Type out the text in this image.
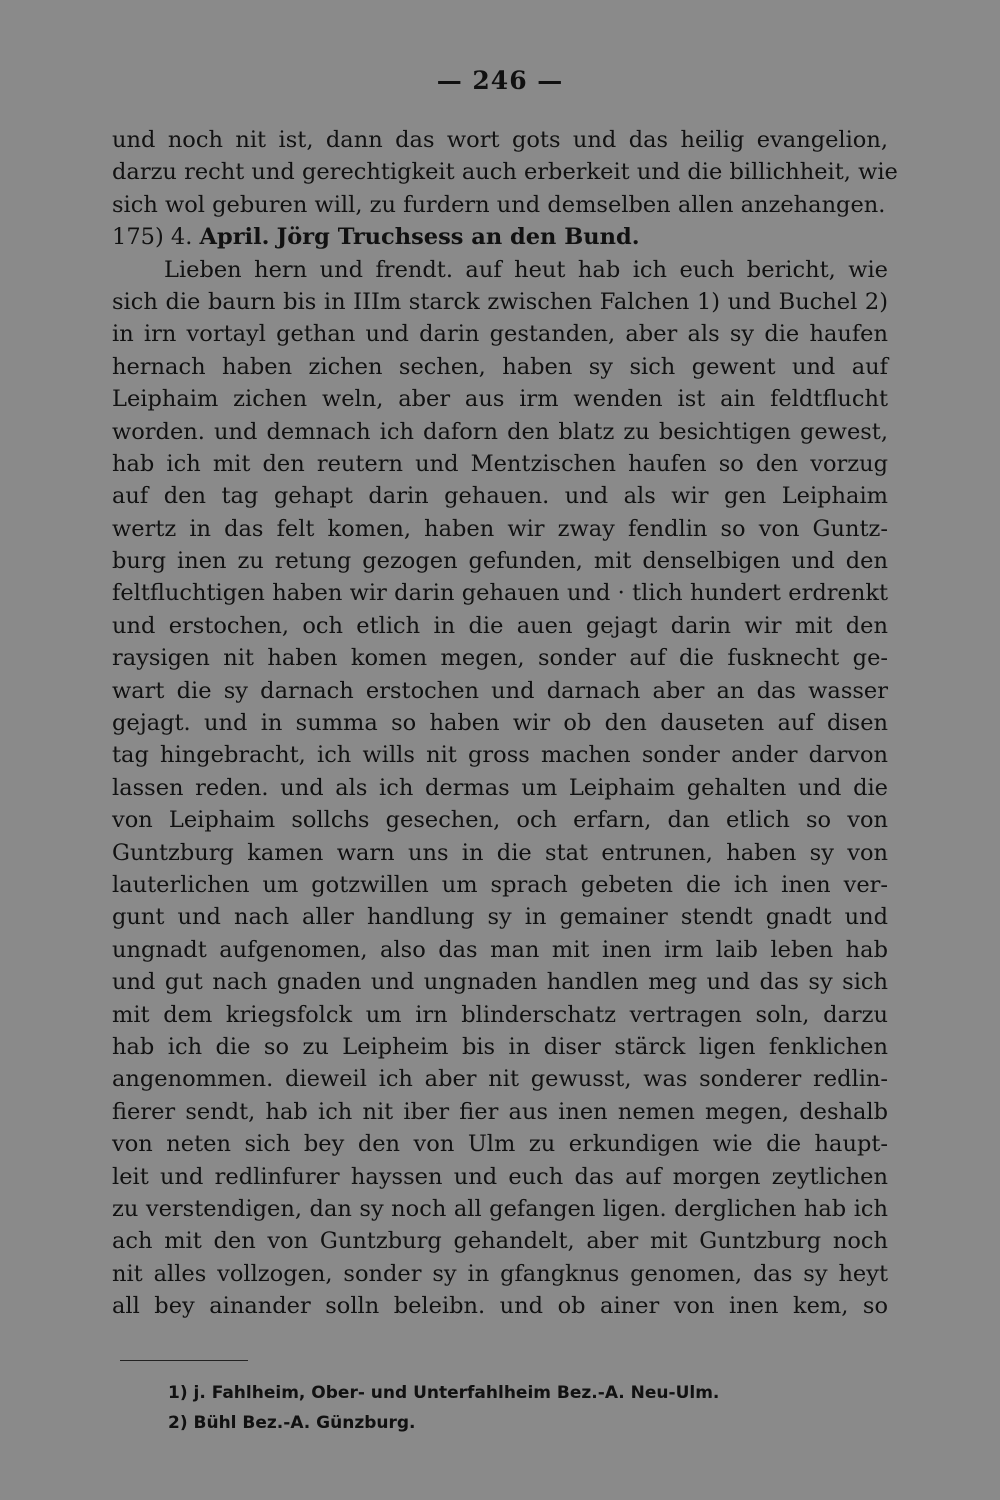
— 246 —
und noch nit ist, dann das wort gots und das heilig evangelion,
darzu recht und gerechtigkeit auch erberkeit und die billichheit, wie
sich wol geburen will, zu furdern und demselben allen anzehangen.
175) 4. April. Jörg Truchsess an den Bund.
Lieben hern und frendt. auf heut hab ich euch bericht, wie
sich die baurn bis in IIIm starck zwischen Falchen 1) und Buchel 2)
in irn vortayl gethan und darin gestanden, aber als sy die haufen
hernach haben zichen sechen, haben sy sich gewent und auf
Leiphaim zichen weln, aber aus irm wenden ist ain feldtflucht
worden. und demnach ich daforn den blatz zu besichtigen gewest,
hab ich mit den reutern und Mentzischen haufen so den vorzug
auf den tag gehapt darin gehauen. und als wir gen Leiphaim
wertz in das felt komen, haben wir zway fendlin so von Guntz-
burg inen zu retung gezogen gefunden, mit denselbigen und den
feltfluchtigen haben wir darin gehauen und · tlich hundert erdrenkt
und erstochen, och etlich in die auen gejagt darin wir mit den
raysigen nit haben komen megen, sonder auf die fusknecht ge-
wart die sy darnach erstochen und darnach aber an das wasser
gejagt. und in summa so haben wir ob den dauseten auf disen
tag hingebracht, ich wills nit gross machen sonder ander darvon
lassen reden. und als ich dermas um Leiphaim gehalten und die
von Leiphaim sollchs gesechen, och erfarn, dan etlich so von
Guntzburg kamen warn uns in die stat entrunen, haben sy von
lauterlichen um gotzwillen um sprach gebeten die ich inen ver-
gunt und nach aller handlung sy in gemainer stendt gnadt und
ungnadt aufgenomen, also das man mit inen irm laib leben hab
und gut nach gnaden und ungnaden handlen meg und das sy sich
mit dem kriegsfolck um irn blinderschatz vertragen soln, darzu
hab ich die so zu Leipheim bis in diser stärck ligen fenklichen
angenommen. dieweil ich aber nit gewusst, was sonderer redlin-
fierer sendt, hab ich nit iber fier aus inen nemen megen, deshalb
von neten sich bey den von Ulm zu erkundigen wie die haupt-
leit und redlinfurer hayssen und euch das auf morgen zeytlichen
zu verstendigen, dan sy noch all gefangen ligen. derglichen hab ich
ach mit den von Guntzburg gehandelt, aber mit Guntzburg noch
nit alles vollzogen, sonder sy in gfangknus genomen, das sy heyt
all bey ainander solln beleibn. und ob ainer von inen kem, so
1) j. Fahlheim, Ober- und Unterfahlheim Bez.-A. Neu-Ulm.
2) Bühl Bez.-A. Günzburg.
